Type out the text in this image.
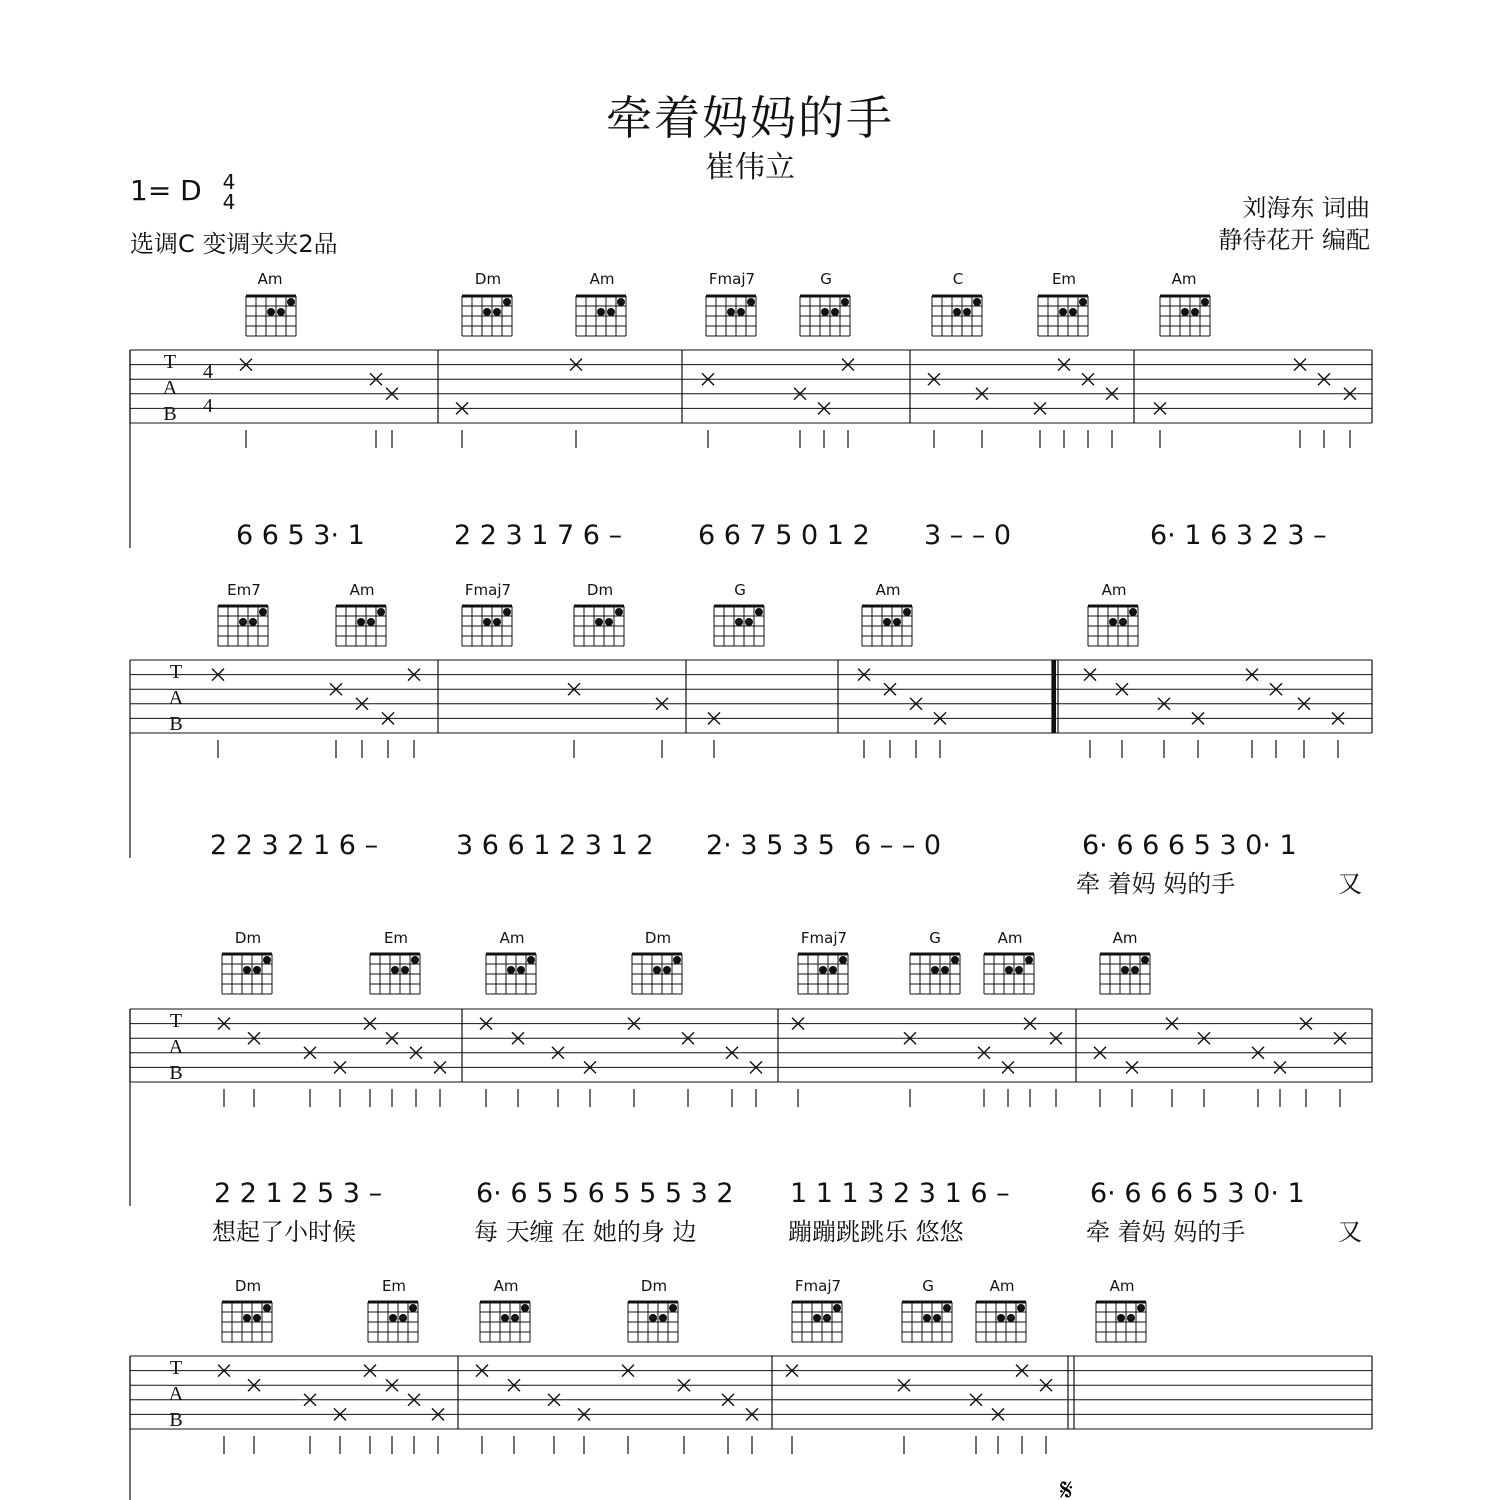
牵着妈妈的手
崔伟立
1= D 4
4
选调C 变调夹夹2品
刘海东 词曲
静待花开 编配
Am	Dm	Am	Fmaj7	G	C	Em	Am
Em7	Am	Fmaj7	Dm	G	Am	Am
Dm	Em	Am	Dm	Fmaj7	G	Am	Am
Dm	Em	Am	Dm	Fmaj7	G	Am	Am
T
A
B
4
4
T
A
B
T
A
B
T
A
B
6 6 5 3· 1	2 2 3 1 7 6 –	6 6 7 5 0 1 2 3 – – 0	6· 1 6 3 2 3 –
2 2 3 2 1 6 –	3 6 6 1 2 3 1 2 2· 3 5 3 5 6 – – 0	6· 6 6 6 5 3 0· 1
2 2 1 2 5 3 –	6· 6 5 5 6 5 5 5 3 2 1 1 1 3 2 3 1 6 –	6· 6 6 6 5 3 0· 1
牵 着妈 妈的手	又
想起了小时候	每 天缠 在 她的身 边	蹦蹦跳跳乐 悠悠	牵 着妈 妈的手	又
𝄋
